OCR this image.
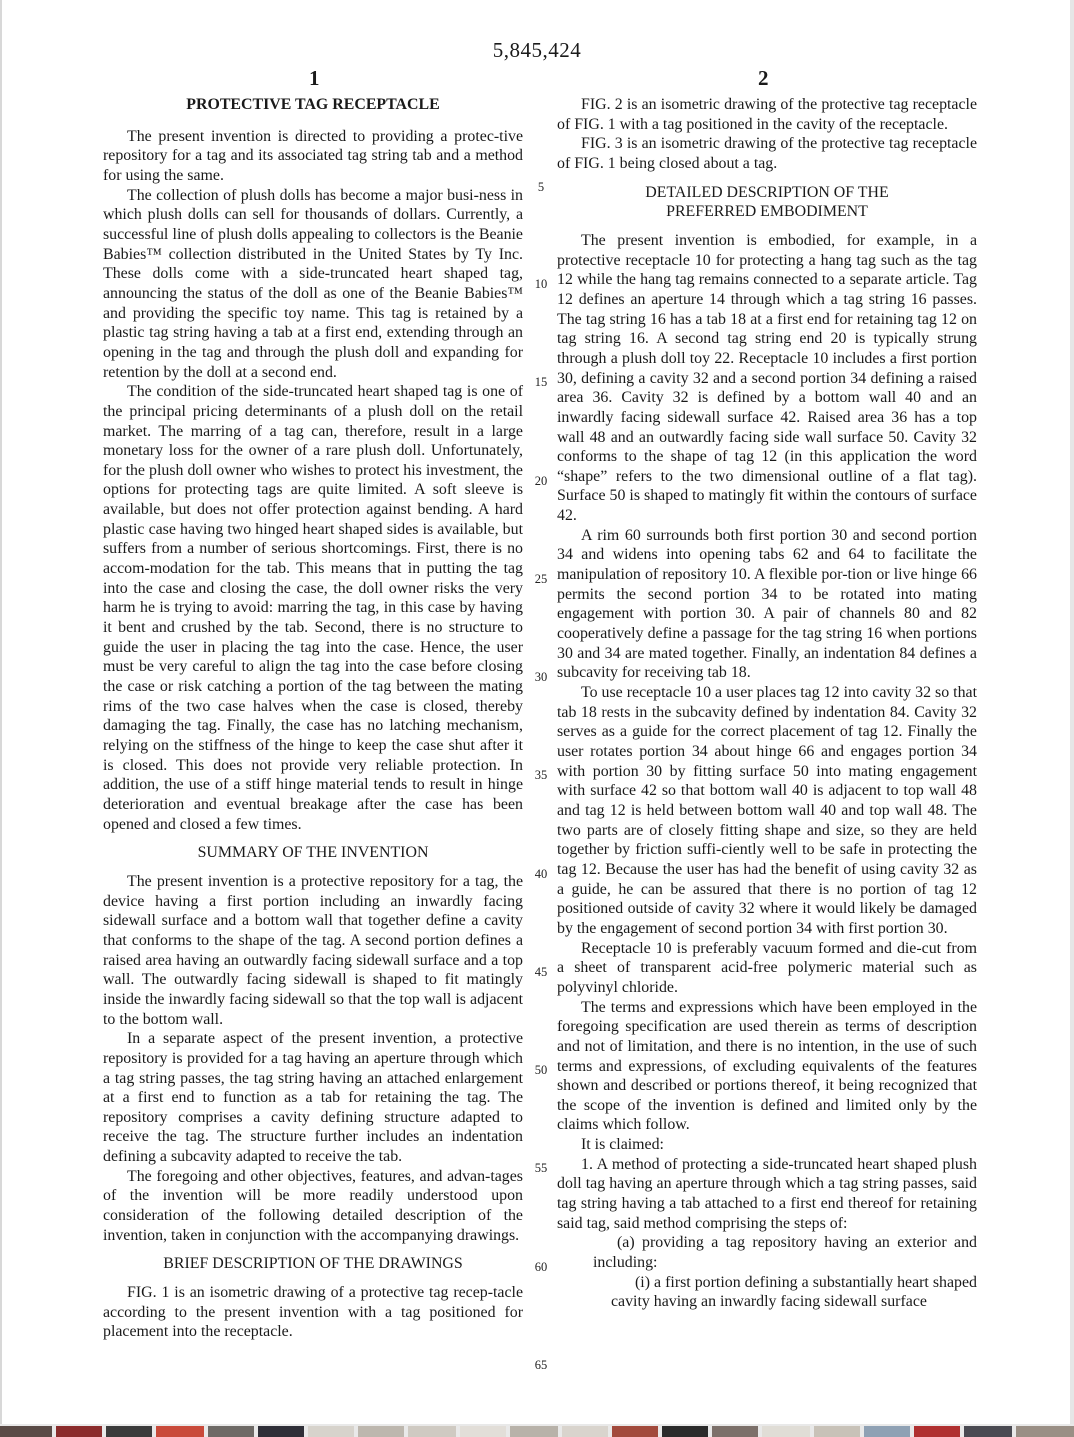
5,845,424
1	2
PROTECTIVE TAG RECEPTACLE

The present invention is directed to providing a protec-tive repository for a tag and its associated tag string tab and a method for using the same.

The collection of plush dolls has become a major busi-ness in which plush dolls can sell for thousands of dollars. Currently, a successful line of plush dolls appealing to collectors is the Beanie Babies™ collection distributed in the United States by Ty Inc. These dolls come with a side-truncated heart shaped tag, announcing the status of the doll as one of the Beanie Babies™ and providing the specific toy name. This tag is retained by a plastic tag string having a tab at a first end, extending through an opening in the tag and through the plush doll and expanding for retention by the doll at a second end.

The condition of the side-truncated heart shaped tag is one of the principal pricing determinants of a plush doll on the retail market. The marring of a tag can, therefore, result in a large monetary loss for the owner of a rare plush doll. Unfortunately, for the plush doll owner who wishes to protect his investment, the options for protecting tags are quite limited. A soft sleeve is available, but does not offer protection against bending. A hard plastic case having two hinged heart shaped sides is available, but suffers from a number of serious shortcomings. First, there is no accom-modation for the tab. This means that in putting the tag into the case and closing the case, the doll owner risks the very harm he is trying to avoid: marring the tag, in this case by having it bent and crushed by the tab. Second, there is no structure to guide the user in placing the tag into the case. Hence, the user must be very careful to align the tag into the case before closing the case or risk catching a portion of the tag between the mating rims of the two case halves when the case is closed, thereby damaging the tag. Finally, the case has no latching mechanism, relying on the stiffness of the hinge to keep the case shut after it is closed. This does not provide very reliable protection. In addition, the use of a stiff hinge material tends to result in hinge deterioration and eventual breakage after the case has been opened and closed a few times.

SUMMARY OF THE INVENTION

The present invention is a protective repository for a tag, the device having a first portion including an inwardly facing sidewall surface and a bottom wall that together define a cavity that conforms to the shape of the tag. A second portion defines a raised area having an outwardly facing sidewall surface and a top wall. The outwardly facing sidewall is shaped to fit matingly inside the inwardly facing sidewall so that the top wall is adjacent to the bottom wall.

In a separate aspect of the present invention, a protective repository is provided for a tag having an aperture through which a tag string passes, the tag string having an attached enlargement at a first end to function as a tab for retaining the tag. The repository comprises a cavity defining structure adapted to receive the tag. The structure further includes an indentation defining a subcavity adapted to receive the tab.

The foregoing and other objectives, features, and advan-tages of the invention will be more readily understood upon consideration of the following detailed description of the invention, taken in conjunction with the accompanying drawings.

BRIEF DESCRIPTION OF THE DRAWINGS

FIG. 1 is an isometric drawing of a protective tag recep-tacle according to the present invention with a tag positioned for placement into the receptacle.

FIG. 2 is an isometric drawing of the protective tag receptacle of FIG. 1 with a tag positioned in the cavity of the receptacle.

FIG. 3 is an isometric drawing of the protective tag receptacle of FIG. 1 being closed about a tag.

DETAILED DESCRIPTION OF THE
PREFERRED EMBODIMENT

The present invention is embodied, for example, in a protective receptacle 10 for protecting a hang tag such as the tag 12 while the hang tag remains connected to a separate article. Tag 12 defines an aperture 14 through which a tag string 16 passes. The tag string 16 has a tab 18 at a first end for retaining tag 12 on tag string 16. A second tag string end 20 is typically strung through a plush doll toy 22. Receptacle 10 includes a first portion 30, defining a cavity 32 and a second portion 34 defining a raised area 36. Cavity 32 is defined by a bottom wall 40 and an inwardly facing sidewall surface 42. Raised area 36 has a top wall 48 and an outwardly facing side wall surface 50. Cavity 32 conforms to the shape of tag 12 (in this application the word “shape” refers to the two dimensional outline of a flat tag). Surface 50 is shaped to matingly fit within the contours of surface 42.

A rim 60 surrounds both first portion 30 and second portion 34 and widens into opening tabs 62 and 64 to facilitate the manipulation of repository 10. A flexible por-tion or live hinge 66 permits the second portion 34 to be rotated into mating engagement with portion 30. A pair of channels 80 and 82 cooperatively define a passage for the tag string 16 when portions 30 and 34 are mated together. Finally, an indentation 84 defines a subcavity for receiving tab 18.

To use receptacle 10 a user places tag 12 into cavity 32 so that tab 18 rests in the subcavity defined by indentation 84. Cavity 32 serves as a guide for the correct placement of tag 12. Finally the user rotates portion 34 about hinge 66 and engages portion 34 with portion 30 by fitting surface 50 into mating engagement with surface 42 so that bottom wall 40 is adjacent to top wall 48 and tag 12 is held between bottom wall 40 and top wall 48. The two parts are of closely fitting shape and size, so they are held together by friction suffi-ciently well to be safe in protecting the tag 12. Because the user has had the benefit of using cavity 32 as a guide, he can be assured that there is no portion of tag 12 positioned outside of cavity 32 where it would likely be damaged by the engagement of second portion 34 with first portion 30.

Receptacle 10 is preferably vacuum formed and die-cut from a sheet of transparent acid-free polymeric material such as polyvinyl chloride.

The terms and expressions which have been employed in the foregoing specification are used therein as terms of description and not of limitation, and there is no intention, in the use of such terms and expressions, of excluding equivalents of the features shown and described or portions thereof, it being recognized that the scope of the invention is defined and limited only by the claims which follow.

It is claimed:

1. A method of protecting a side-truncated heart shaped plush doll tag having an aperture through which a tag string passes, said tag string having a tab attached to a first end thereof for retaining said tag, said method comprising the steps of:

(a) providing a tag repository having an exterior and including:

(i) a first portion defining a substantially heart shaped cavity having an inwardly facing sidewall surface

5
10
15
20
25
30
35
40
45
50
55
60
65
